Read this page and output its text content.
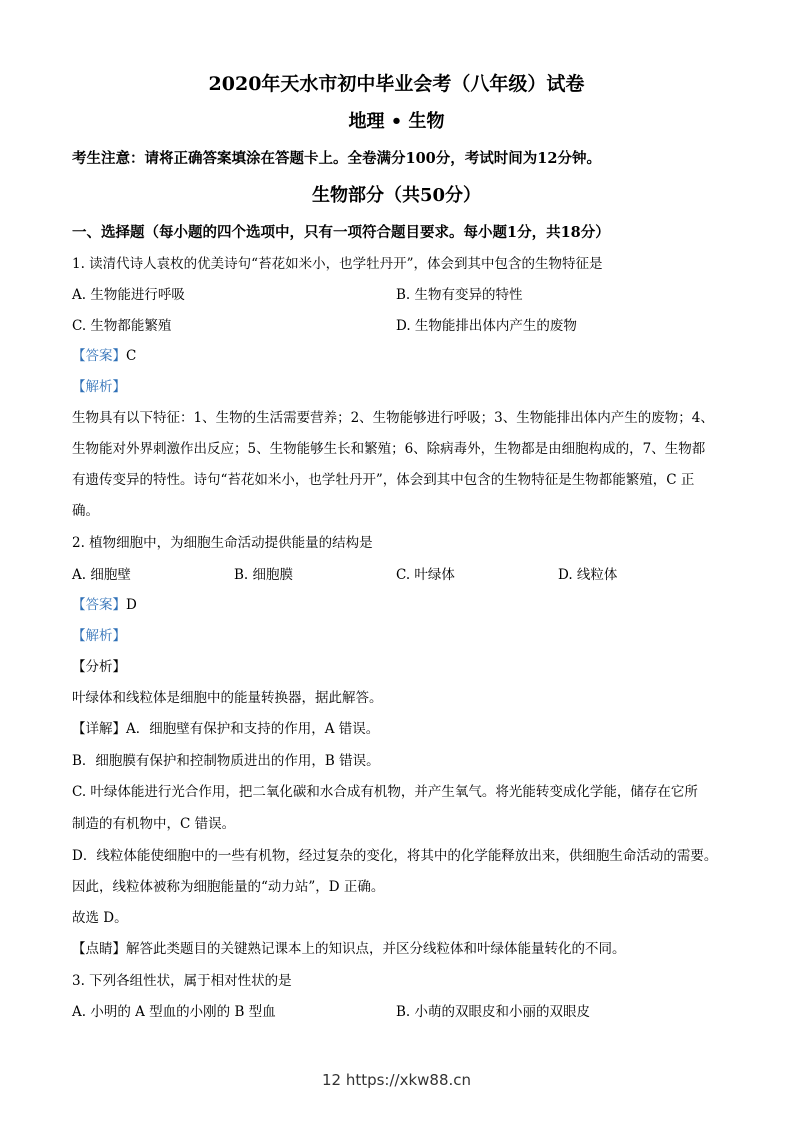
2020年天水市初中毕业会考（八年级）试卷
地理 • 生物
考生注意：请将正确答案填涂在答题卡上。全卷满分100分，考试时间为12分钟。
生物部分（共50分）
一、选择题（每小题的四个选项中，只有一项符合题目要求。每小题1分，共18分）
1. 读清代诗人袁枚的优美诗句“苔花如米小，也学牡丹开”，体会到其中包含的生物特征是
A. 生物能进行呼吸	B. 生物有变异的特性
C. 生物都能繁殖	D. 生物能排出体内产生的废物
【答案】C
【解析】
生物具有以下特征：1、生物的生活需要营养；2、生物能够进行呼吸；3、生物能排出体内产生的废物；4、
生物能对外界刺激作出反应；5、生物能够生长和繁殖；6、除病毒外，生物都是由细胞构成的，7、生物都
有遗传变异的特性。诗句“苔花如米小，也学牡丹开”，体会到其中包含的生物特征是生物都能繁殖，C 正
确。
2. 植物细胞中，为细胞生命活动提供能量的结构是
A. 细胞壁	B. 细胞膜	C. 叶绿体	D. 线粒体
【答案】D
【解析】
【分析】
叶绿体和线粒体是细胞中的能量转换器，据此解答。
【详解】A．细胞壁有保护和支持的作用，A 错误。
B．细胞膜有保护和控制物质进出的作用，B 错误。
C. 叶绿体能进行光合作用，把二氧化碳和水合成有机物，并产生氧气。将光能转变成化学能，储存在它所
制造的有机物中，C 错误。
D．线粒体能使细胞中的一些有机物，经过复杂的变化，将其中的化学能释放出来，供细胞生命活动的需要。
因此，线粒体被称为细胞能量的“动力站”，D 正确。
故选 D。
【点睛】解答此类题目的关键熟记课本上的知识点，并区分线粒体和叶绿体能量转化的不同。
3. 下列各组性状，属于相对性状的是
A. 小明的 A 型血的小刚的 B 型血	B. 小萌的双眼皮和小丽的双眼皮
12 https://xkw88.cn
